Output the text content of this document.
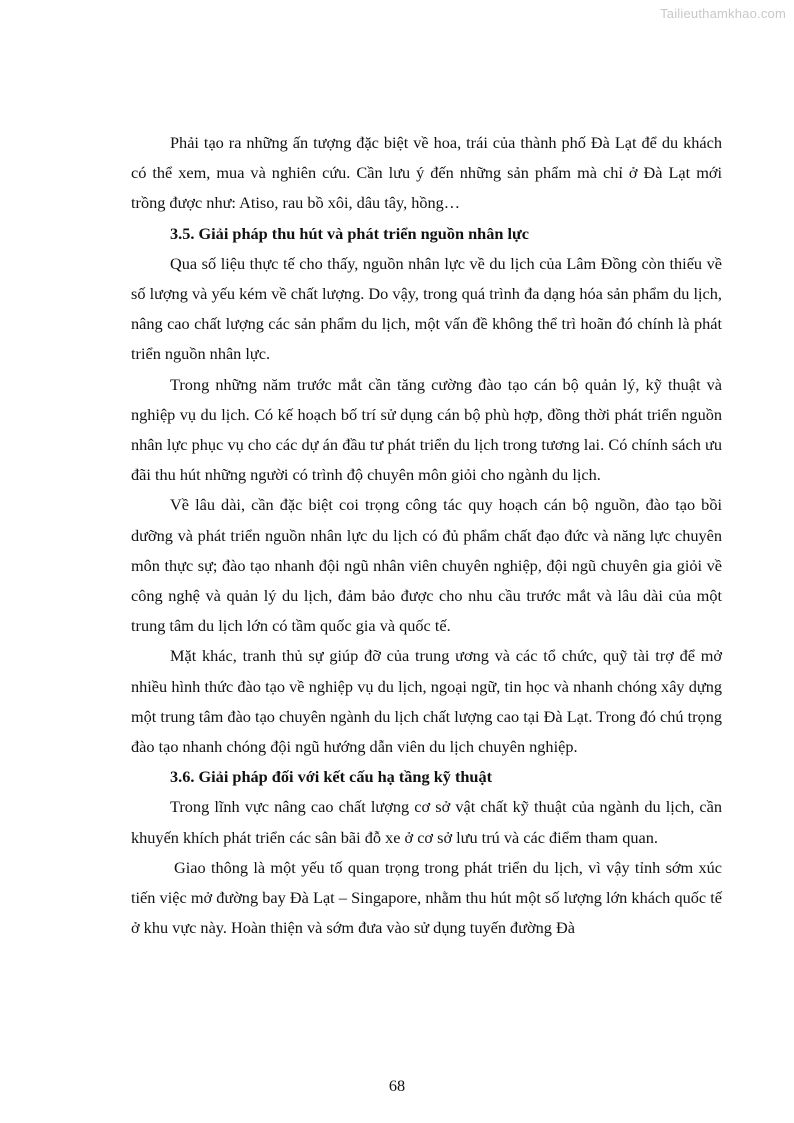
Tailieuthamkhao.com

Phải tạo ra những ấn tượng đặc biệt về hoa, trái của thành phố Đà Lạt để du khách có thể xem, mua và nghiên cứu. Cần lưu ý đến những sản phẩm mà chỉ ở Đà Lạt mới trồng được như: Atiso, rau bồ xôi, dâu tây, hồng…

3.5. Giải pháp thu hút và phát triển nguồn nhân lực

Qua số liệu thực tế cho thấy, nguồn nhân lực về du lịch của Lâm Đồng còn thiếu về số lượng và yếu kém về chất lượng. Do vậy, trong quá trình đa dạng hóa sản phẩm du lịch, nâng cao chất lượng các sản phẩm du lịch, một vấn đề không thể trì hoãn đó chính là phát triển nguồn nhân lực.

Trong những năm trước mắt cần tăng cường đào tạo cán bộ quản lý, kỹ thuật và nghiệp vụ du lịch. Có kế hoạch bố trí sử dụng cán bộ phù hợp, đồng thời phát triển nguồn nhân lực phục vụ cho các dự án đầu tư phát triển du lịch trong tương lai. Có chính sách ưu đãi thu hút những người có trình độ chuyên môn giỏi cho ngành du lịch.

Về lâu dài, cần đặc biệt coi trọng công tác quy hoạch cán bộ nguồn, đào tạo bồi dưỡng và phát triển nguồn nhân lực du lịch có đủ phẩm chất đạo đức và năng lực chuyên môn thực sự; đào tạo nhanh đội ngũ nhân viên chuyên nghiệp, đội ngũ chuyên gia giỏi về công nghệ và quản lý du lịch, đảm bảo được cho nhu cầu trước mắt và lâu dài của một trung tâm du lịch lớn có tầm quốc gia và quốc tế.

Mặt khác, tranh thủ sự giúp đỡ của trung ương và các tổ chức, quỹ tài trợ để mở nhiều hình thức đào tạo về nghiệp vụ du lịch, ngoại ngữ, tin học và nhanh chóng xây dựng một trung tâm đào tạo chuyên ngành du lịch chất lượng cao tại Đà Lạt. Trong đó chú trọng đào tạo nhanh chóng đội ngũ hướng dẫn viên du lịch chuyên nghiệp.

3.6. Giải pháp đối với kết cấu hạ tầng kỹ thuật

Trong lĩnh vực nâng cao chất lượng cơ sở vật chất kỹ thuật của ngành du lịch, cần khuyến khích phát triển các sân bãi đỗ xe ở cơ sở lưu trú và các điểm tham quan.

Giao thông là một yếu tố quan trọng trong phát triển du lịch, vì vậy tỉnh sớm xúc tiến việc mở đường bay Đà Lạt – Singapore, nhằm thu hút một số lượng lớn khách quốc tế ở khu vực này. Hoàn thiện và sớm đưa vào sử dụng tuyến đường Đà

68
